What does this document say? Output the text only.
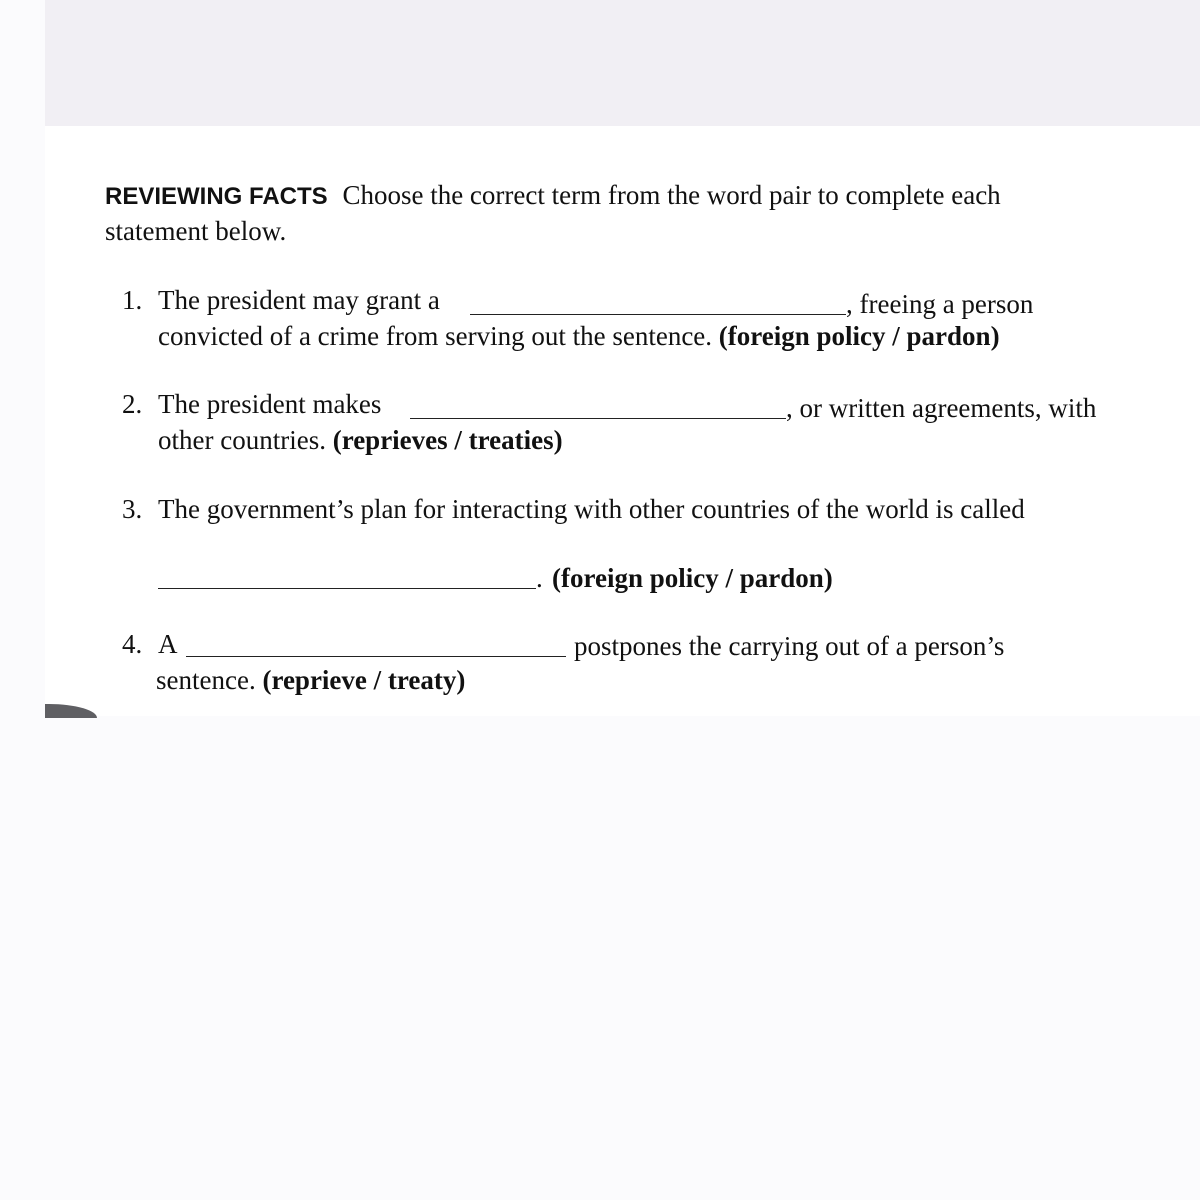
REVIEWING FACTS Choose the correct term from the word pair to complete each
statement below.
1. The president may grant a	, freeing a person
convicted of a crime from serving out the sentence. (foreign policy / pardon)
2. The president makes	, or written agreements, with
other countries. (reprieves / treaties)
3. The government’s plan for interacting with other countries of the world is called
. (foreign policy / pardon)
4. A	postpones the carrying out of a person’s
sentence. (reprieve / treaty)
